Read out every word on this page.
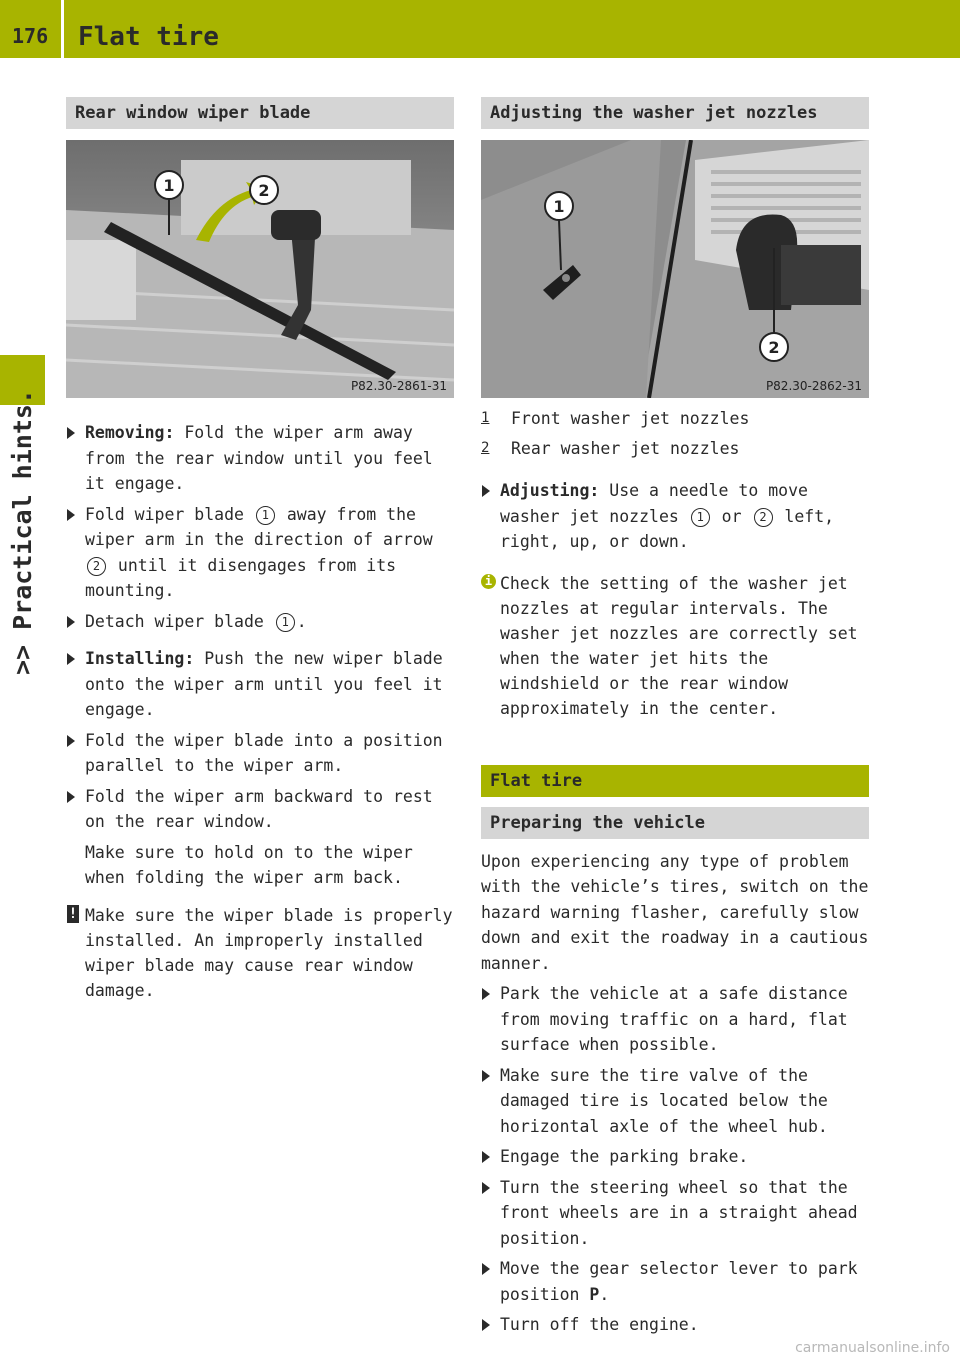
176 Flat tire
>> Practical hints.
Rear window wiper blade
1	2
P82.30-2861-31

Removing: Fold the wiper arm away from the rear window until you feel it engage.

Fold wiper blade 1 away from the wiper arm in the direction of arrow 2 until it disengages from its mounting.

Detach wiper blade 1 .

Installing: Push the new wiper blade onto the wiper arm until you feel it engage.

Fold the wiper blade into a position parallel to the wiper arm.

Fold the wiper arm backward to rest on the rear window.

Make sure to hold on to the wiper when folding the wiper arm back.

! Make sure the wiper blade is properly installed. An improperly installed wiper blade may cause rear window damage.

Adjusting the washer jet nozzles
1
2
P82.30-2862-31

1 Front washer jet nozzles

2 Rear washer jet nozzles

Adjusting: Use a needle to move washer jet nozzles 1 or 2 left, right, up, or down.

i Check the setting of the washer jet nozzles at regular intervals. The washer jet nozzles are correctly set when the water jet hits the windshield or the rear window approximately in the center.

Flat tire
Preparing the vehicle

Upon experiencing any type of problem with the vehicle’s tires, switch on the hazard warning flasher, carefully slow down and exit the roadway in a cautious manner.

Park the vehicle at a safe distance from moving traffic on a hard, flat surface when possible.

Make sure the tire valve of the damaged tire is located below the horizontal axle of the wheel hub.

Engage the parking brake.

Turn the steering wheel so that the front wheels are in a straight ahead position.

Move the gear selector lever to park position P.

Turn off the engine.

carmanualsonline.info
